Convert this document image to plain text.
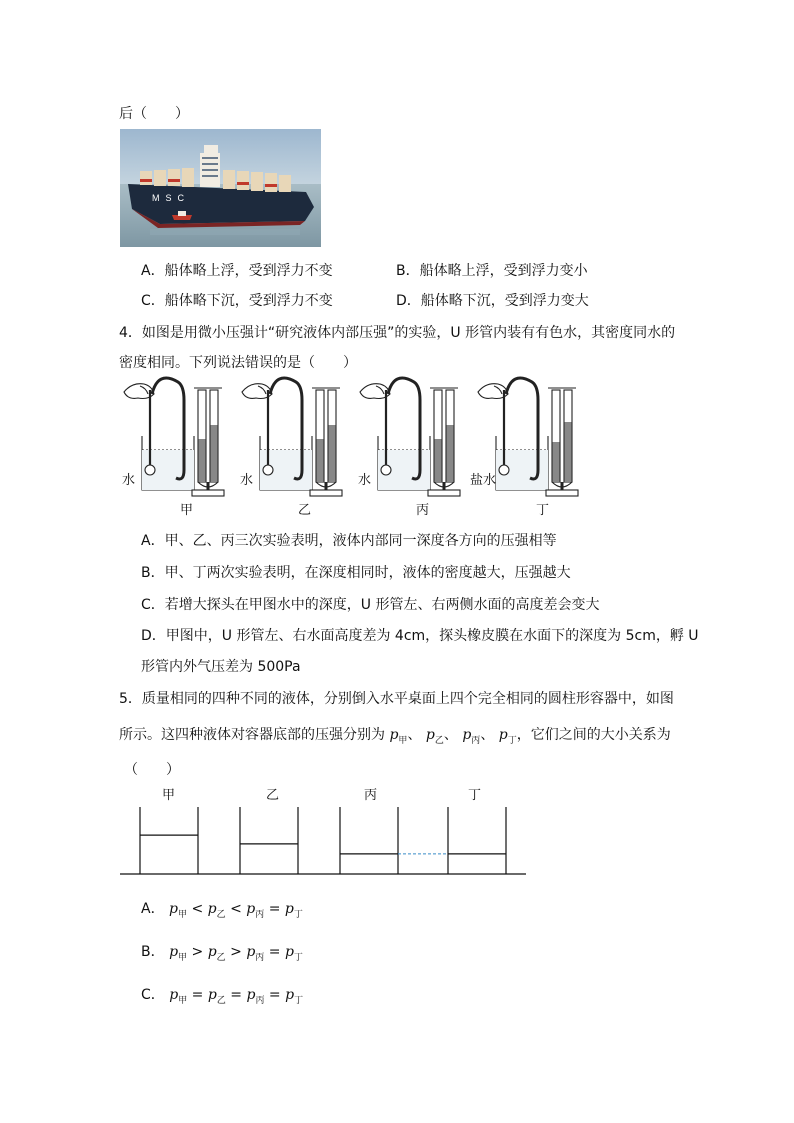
后（　　）
MSC
A．船体略上浮，受到浮力不变	B．船体略上浮，受到浮力变小
C．船体略下沉，受到浮力不变	D．船体略下沉，受到浮力变大
4．如图是用微小压强计“研究液体内部压强”的实验，U 形管内装有有色水，其密度同水的
密度相同。下列说法错误的是（　　）
水	水	水	盐水
甲	乙	丙	丁
A．甲、乙、丙三次实验表明，液体内部同一深度各方向的压强相等
B．甲、丁两次实验表明，在深度相同时，液体的密度越大，压强越大
C．若增大探头在甲图水中的深度，U 形管左、右两侧水面的高度差会变大
D．甲图中，U 形管左、右水面高度差为 4cm，探头橡皮膜在水面下的深度为 5cm，孵 U
形管内外气压差为 500Pa
5．质量相同的四种不同的液体，分别倒入水平桌面上四个完全相同的圆柱形容器中，如图
所示。这四种液体对容器底部的压强分别为 $p_甲$、 $p_乙$、 $p_丙$、 $p_丁$，它们之间的大小关系为
（　　）
甲	乙	丙	丁
A． $p_甲 < p_乙 < p_丙 = p_丁$
B． $p_甲 > p_乙 > p_丙 = p_丁$
C． $p_甲 = p_乙 = p_丙 = p_丁$
